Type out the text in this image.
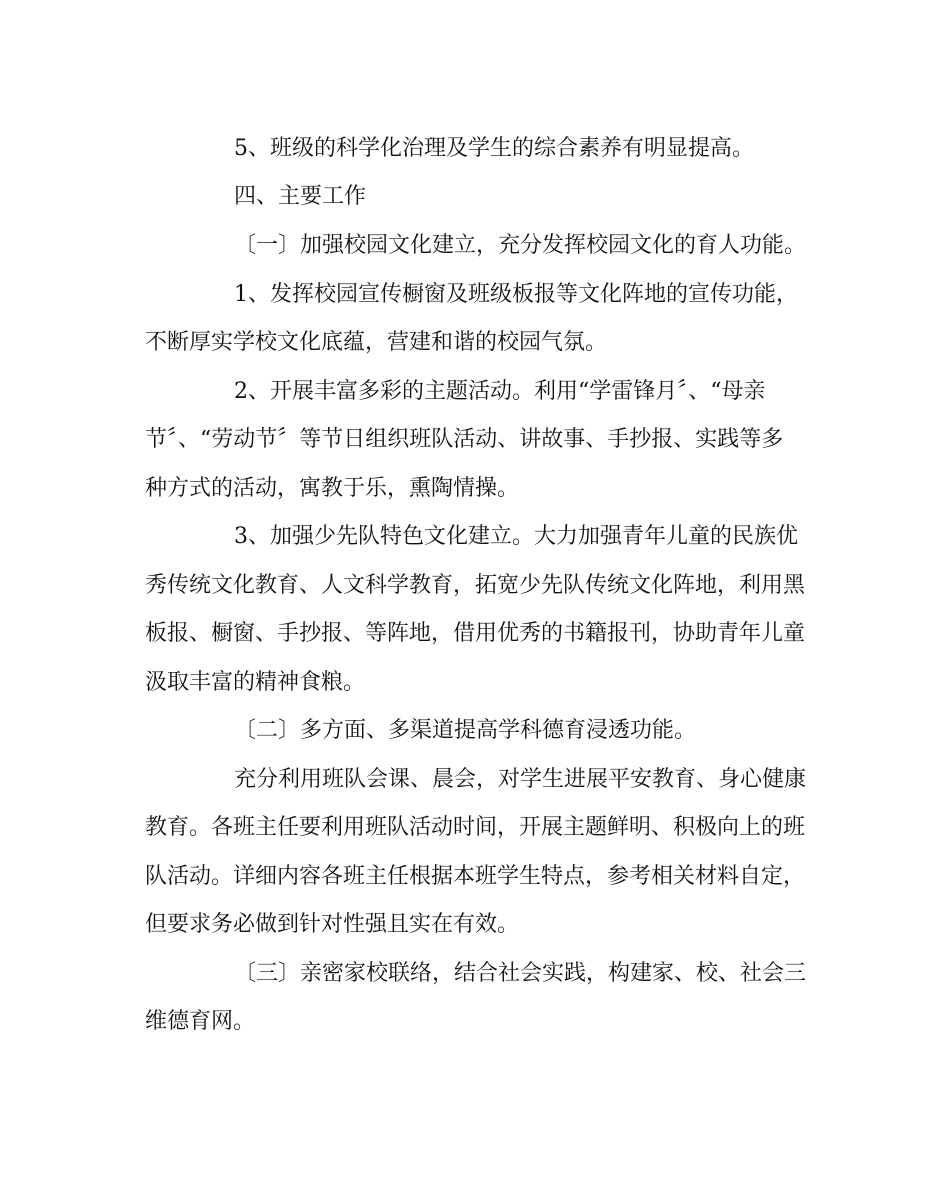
5、班级的科学化治理及学生的综合素养有明显提高。
四、主要工作
〔一〕加强校园文化建立，充分发挥校园文化的育人功能。
1、发挥校园宣传橱窗及班级板报等文化阵地的宣传功能，
不断厚实学校文化底蕴，营建和谐的校园气氛。
2、开展丰富多彩的主题活动。利用“学雷锋月〞、“母亲
节〞、“劳动节〞等节日组织班队活动、讲故事、手抄报、实践等多
种方式的活动，寓教于乐，熏陶情操。
3、加强少先队特色文化建立。大力加强青年儿童的民族优
秀传统文化教育、人文科学教育，拓宽少先队传统文化阵地，利用黑
板报、橱窗、手抄报、等阵地，借用优秀的书籍报刊，协助青年儿童
汲取丰富的精神食粮。
〔二〕多方面、多渠道提高学科德育浸透功能。
充分利用班队会课、晨会，对学生进展平安教育、身心健康
教育。各班主任要利用班队活动时间，开展主题鲜明、积极向上的班
队活动。详细内容各班主任根据本班学生特点，参考相关材料自定，
但要求务必做到针对性强且实在有效。
〔三〕亲密家校联络，结合社会实践，构建家、校、社会三
维德育网。
